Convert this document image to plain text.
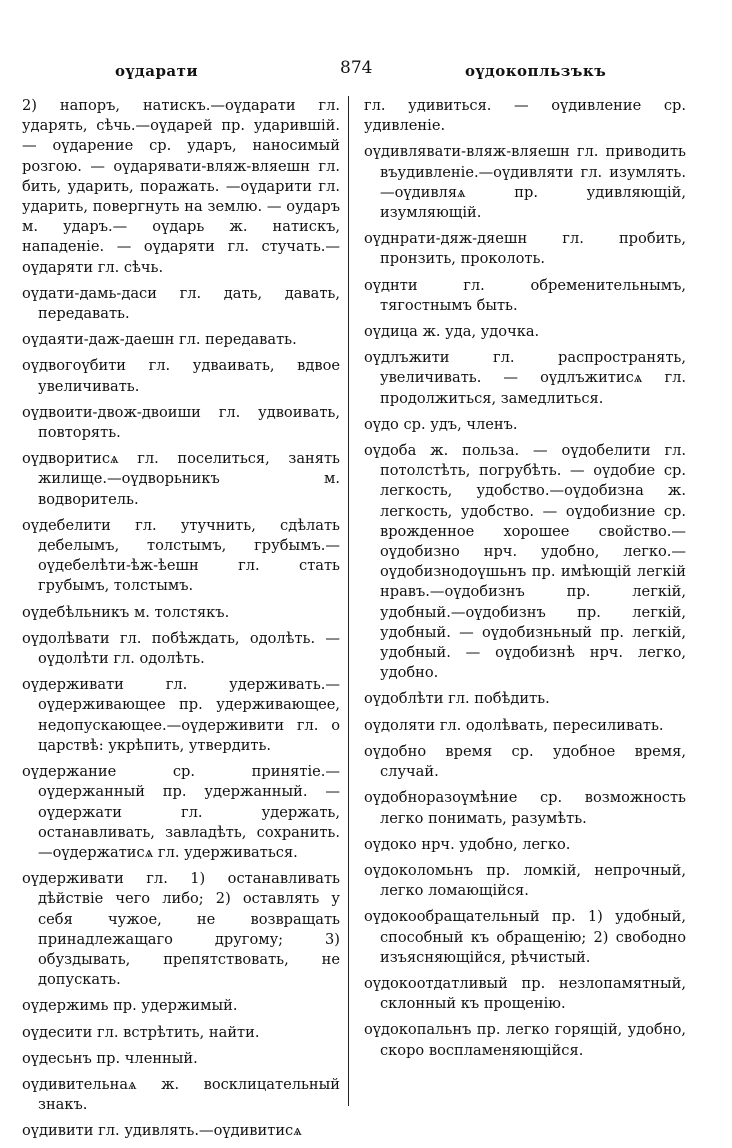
оүдарати	874	оүдокопльзъкъ

2) напоръ, натискъ.—оүдарати гл. ударять, сѣчь.—оүдарей пр. ударившій. — оүдарение ср. ударъ, наносимый розгою. — оүдарявати-вляж-вляешн гл. бить, ударить, поражать. —оүдарити гл. ударить, повергнуть на землю. — оударъ м. ударъ.— оүдарь ж. натискъ, нападеніе. — оүдаряти гл. стучать.—оүдаряти гл. сѣчь.

оүдати-дамь-даси гл. дать, давать, передавать.

оүдаяти-даж-даешн гл. передавать.

оүдвогоүбити гл. удваивать, вдвое увеличивать.

оүдвоити-двож-двоиши гл. удвоивать, повторять.

оүдворитисѧ гл. поселиться, занять жилище.—оүдворьникъ м. водворитель.

оүдебелити гл. утучнить, сдѣлать дебелымъ, толстымъ, грубымъ.—оүдебелѣти-ѣж-ѣешн гл. стать грубымъ, толстымъ.

оүдебѣльникъ м. толстякъ.

оүдолѣвати гл. побѣждать, одолѣть. —оүдолѣти гл. одолѣть.

оүдерживати гл. удерживать.—оүдерживающее пр. удерживающее, недопускающее.—оүдерживити гл. о царствѣ: укрѣпить, утвердить.

оүдержание ср. принятіе.—оүдержанный пр. удержанный. — оүдержати гл. удержать, останавливать, завладѣть, сохранить.—оүдержатисѧ гл. удерживаться.

оүдерживати гл. 1) останавливать дѣйствіе чего либо; 2) оставлять у себя чужое, не возвращать принадлежащаго другому; 3) обуздывать, препятствовать, не допускать.

оүдержимь пр. удержимый.

оүдесити гл. встрѣтить, найти.

оүдесьнъ пр. членный.

оүдивительнаѧ ж. восклицательный знакъ.

оүдивити гл. удивлять.—оүдивитисѧ

гл. удивиться. — оүдивление ср. удивленіе.

оүдивлявати-вляж-вляешн гл. приводить въудивленіе.—оүдивляти гл. изумлять.—оүдивляѧ пр. удивляющій, изумляющій.

оүднрати-дяж-дяешн гл. пробить, пронзить, проколоть.

оүднти гл. обременительнымъ, тягостнымъ быть.

оүдица ж. уда, удочка.

оүдлъжити гл. распространять, увеличивать. — оүдлъжитисѧ гл. продолжиться, замедлиться.

оүдо ср. удъ, членъ.

оүдоба ж. польза. — оүдобелити гл. потолстѣть, погрубѣть. — оүдобие ср. легкость, удобство.—оүдобизна ж. легкость, удобство. — оүдобизние ср. врожденное хорошее свойство.—оүдобизно нрч. удобно, легко.—оүдобизнодоүшьнъ пр. имѣющій легкій нравъ.—оүдобизнъ пр. легкій, удобный.—оүдобизнъ пр. легкій, удобный. — оүдобизньный пр. легкій, удобный. — оүдобизнѣ нрч. легко, удобно.

оүдоблѣти гл. побѣдить.

оүдоляти гл. одолѣвать, пересиливать.

оүдобно время ср. удобное время, случай.

оүдобноразоүмѣние ср. возможность легко понимать, разумѣть.

оүдоко нрч. удобно, легко.

оүдоколомьнъ пр. ломкій, непрочный, легко ломающійся.

оүдокообращательный пр. 1) удобный, способный къ обращенію; 2) свободно изъясняющійся, рѣчистый.

оүдокоотдатливый пр. незлопамятный, склонный къ прощенію.

оүдокопальнъ пр. легко горящій, удобно, скоро воспламеняющійся.
